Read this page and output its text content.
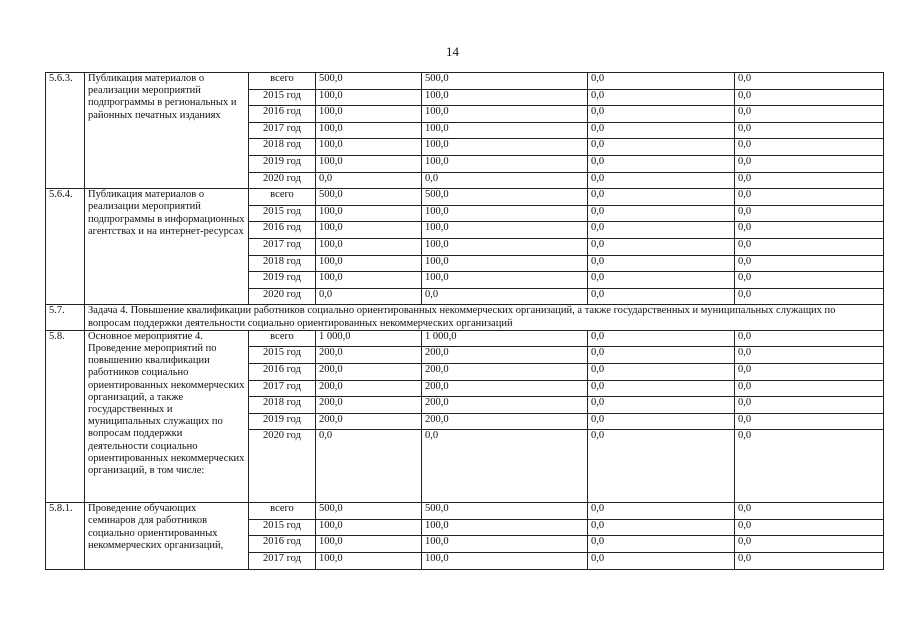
14
5.6.3.	Публикация материалов о реализации мероприятий подпрограммы в региональных и районных печатных изданиях	всего	500,0	500,0	0,0	0,0
		2015 год	100,0	100,0	0,0	0,0
		2016 год	100,0	100,0	0,0	0,0
		2017 год	100,0	100,0	0,0	0,0
		2018 год	100,0	100,0	0,0	0,0
		2019 год	100,0	100,0	0,0	0,0
		2020 год	0,0	0,0	0,0	0,0
5.6.4.	Публикация материалов о реализации мероприятий подпрограммы в информационных агентствах и на интернет-ресурсах	всего	500,0	500,0	0,0	0,0
		2015 год	100,0	100,0	0,0	0,0
		2016 год	100,0	100,0	0,0	0,0
		2017 год	100,0	100,0	0,0	0,0
		2018 год	100,0	100,0	0,0	0,0
		2019 год	100,0	100,0	0,0	0,0
		2020 год	0,0	0,0	0,0	0,0
5.7.	Задача 4. Повышение квалификации работников социально ориентированных некоммерческих организаций, а также государственных и муниципальных служащих по вопросам поддержки деятельности социально ориентированных некоммерческих организаций					
5.8.	Основное мероприятие 4. Проведение мероприятий по повышению квалификации работников социально ориентированных некоммерческих организаций, а также государственных и муниципальных служащих по вопросам поддержки деятельности социально ориентированных некоммерческих организаций, в том числе:	всего	1 000,0	1 000,0	0,0	0,0
		2015 год	200,0	200,0	0,0	0,0
		2016 год	200,0	200,0	0,0	0,0
		2017 год	200,0	200,0	0,0	0,0
		2018 год	200,0	200,0	0,0	0,0
		2019 год	200,0	200,0	0,0	0,0
		2020 год	0,0	0,0	0,0	0,0
5.8.1.	Проведение обучающих семинаров для работников социально ориентированных некоммерческих организаций,	всего	500,0	500,0	0,0	0,0
		2015 год	100,0	100,0	0,0	0,0
		2016 год	100,0	100,0	0,0	0,0
		2017 год	100,0	100,0	0,0	0,0
